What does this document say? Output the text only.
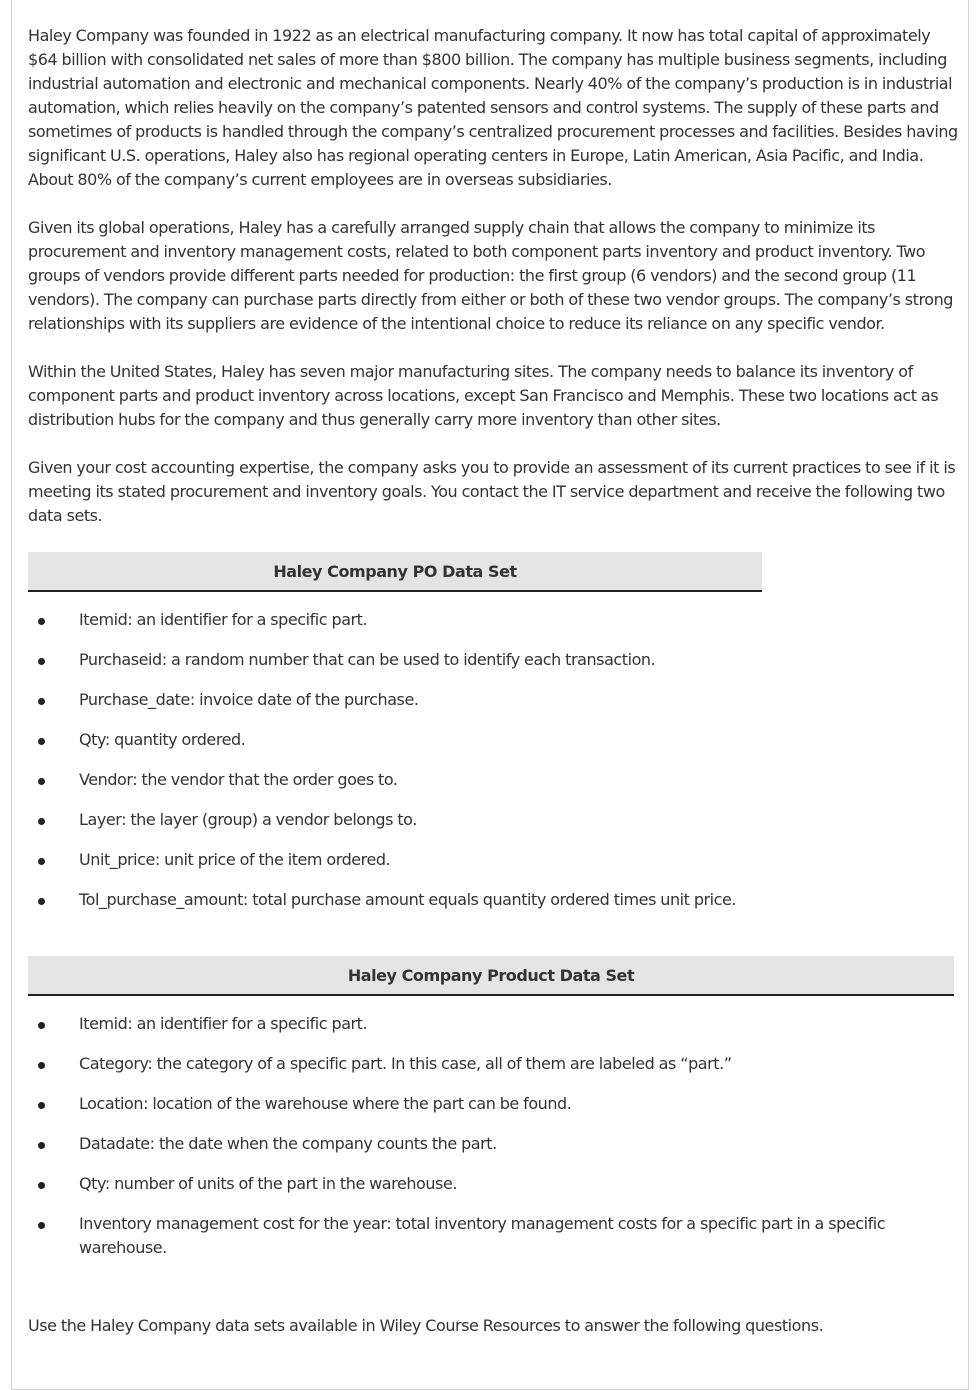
Haley Company was founded in 1922 as an electrical manufacturing company. It now has total capital of approximately $64 billion with consolidated net sales of more than $800 billion. The company has multiple business segments, including industrial automation and electronic and mechanical components. Nearly 40% of the company’s production is in industrial automation, which relies heavily on the company’s patented sensors and control systems. The supply of these parts and sometimes of products is handled through the company’s centralized procurement processes and facilities. Besides having significant U.S. operations, Haley also has regional operating centers in Europe, Latin American, Asia Pacific, and India. About 80% of the company’s current employees are in overseas subsidiaries.

Given its global operations, Haley has a carefully arranged supply chain that allows the company to minimize its procurement and inventory management costs, related to both component parts inventory and product inventory. Two groups of vendors provide different parts needed for production: the first group (6 vendors) and the second group (11 vendors). The company can purchase parts directly from either or both of these two vendor groups. The company’s strong relationships with its suppliers are evidence of the intentional choice to reduce its reliance on any specific vendor.

Within the United States, Haley has seven major manufacturing sites. The company needs to balance its inventory of component parts and product inventory across locations, except San Francisco and Memphis. These two locations act as distribution hubs for the company and thus generally carry more inventory than other sites.

Given your cost accounting expertise, the company asks you to provide an assessment of its current practices to see if it is meeting its stated procurement and inventory goals. You contact the IT service department and receive the following two data sets.

Haley Company PO Data Set
Itemid: an identifier for a specific part.
Purchaseid: a random number that can be used to identify each transaction.
Purchase_date: invoice date of the purchase.
Qty: quantity ordered.
Vendor: the vendor that the order goes to.
Layer: the layer (group) a vendor belongs to.
Unit_price: unit price of the item ordered.
Tol_purchase_amount: total purchase amount equals quantity ordered times unit price.
Haley Company Product Data Set
Itemid: an identifier for a specific part.
Category: the category of a specific part. In this case, all of them are labeled as “part.”
Location: location of the warehouse where the part can be found.
Datadate: the date when the company counts the part.
Qty: number of units of the part in the warehouse.
Inventory management cost for the year: total inventory management costs for a specific part in a specific warehouse.

Use the Haley Company data sets available in Wiley Course Resources to answer the following questions.
